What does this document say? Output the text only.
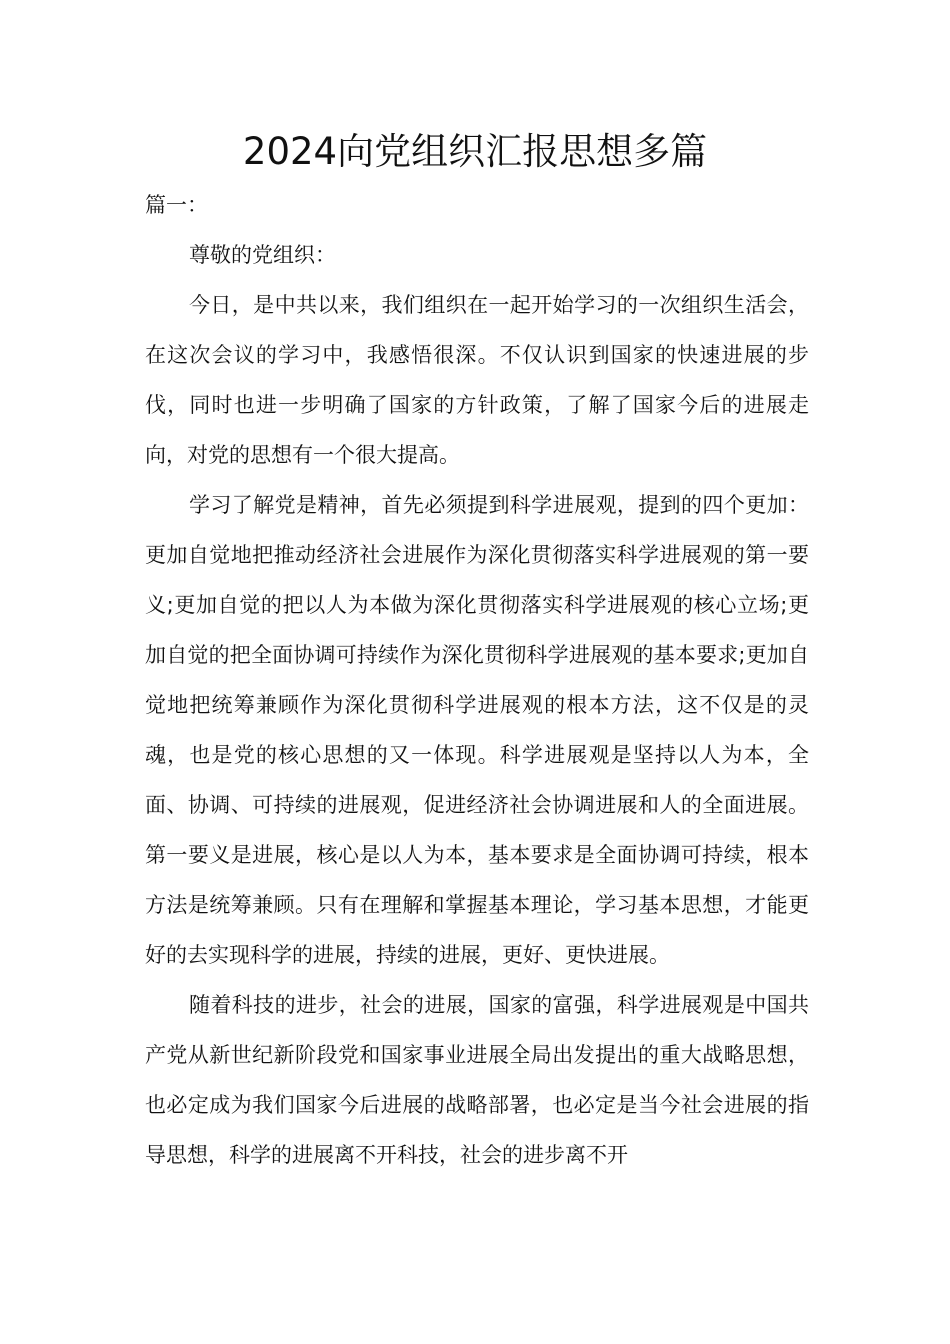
2024向党组织汇报思想多篇

篇一：

尊敬的党组织：

今日，是中共以来，我们组织在一起开始学习的一次组织生活会，在这次会议的学习中，我感悟很深。不仅认识到国家的快速进展的步伐，同时也进一步明确了国家的方针政策，了解了国家今后的进展走向，对党的思想有一个很大提高。

学习了解党是精神，首先必须提到科学进展观，提到的四个更加：更加自觉地把推动经济社会进展作为深化贯彻落实科学进展观的第一要义;更加自觉的把以人为本做为深化贯彻落实科学进展观的核心立场;更加自觉的把全面协调可持续作为深化贯彻科学进展观的基本要求;更加自觉地把统筹兼顾作为深化贯彻科学进展观的根本方法，这不仅是的灵魂，也是党的核心思想的又一体现。科学进展观是坚持以人为本，全面、协调、可持续的进展观，促进经济社会协调进展和人的全面进展。第一要义是进展，核心是以人为本，基本要求是全面协调可持续，根本方法是统筹兼顾。只有在理解和掌握基本理论，学习基本思想，才能更好的去实现科学的进展，持续的进展，更好、更快进展。

随着科技的进步，社会的进展，国家的富强，科学进展观是中国共产党从新世纪新阶段党和国家事业进展全局出发提出的重大战略思想，也必定成为我们国家今后进展的战略部署，也必定是当今社会进展的指导思想，科学的进展离不开科技，社会的进步离不开
